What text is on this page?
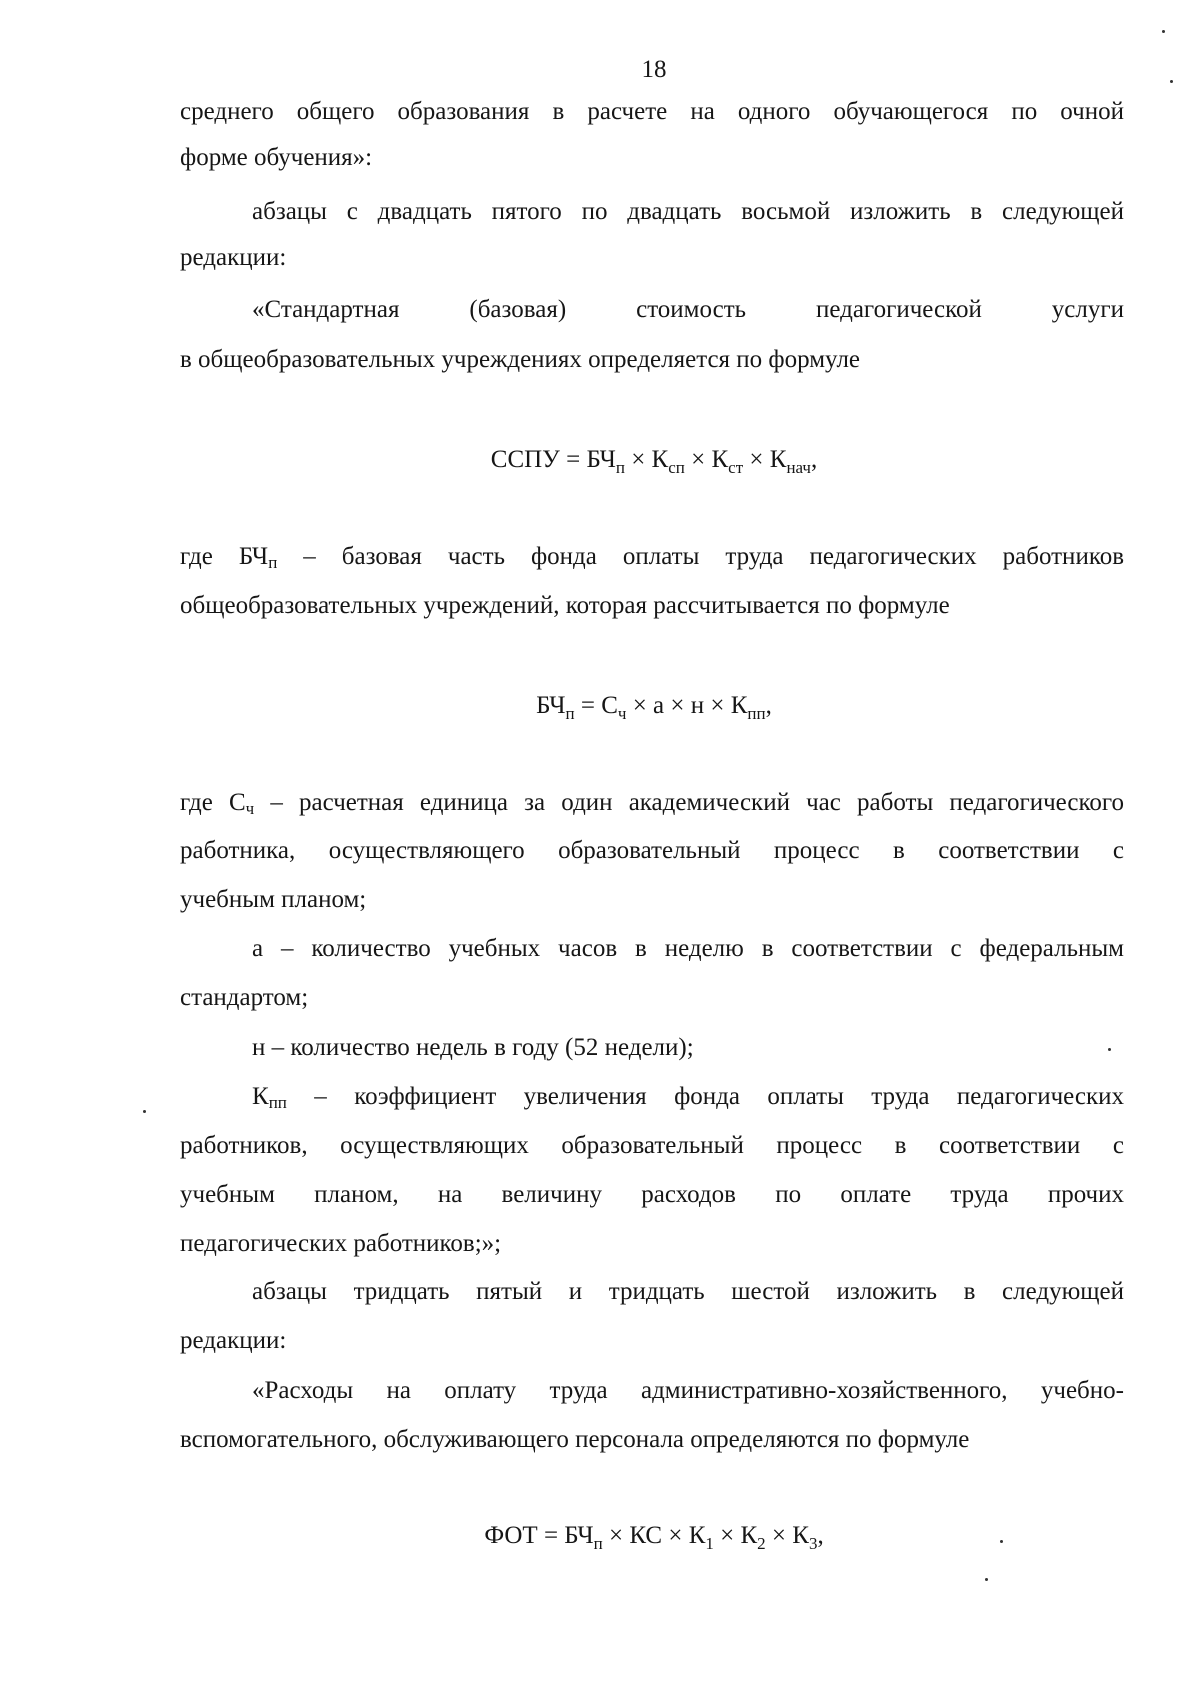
18
среднего общего образования в расчете на одного обучающегося по очной
форме обучения»:
абзацы с двадцать пятого по двадцать восьмой изложить в следующей
редакции:
«Стандартная (базовая) стоимость педагогической услуги
в общеобразовательных учреждениях определяется по формуле
ССПУ = $БЧ_п \times К_{сп} \times К_{ст} \times К_{нач}$,
где $БЧ_п$ – базовая часть фонда оплаты труда педагогических работников
общеобразовательных учреждений, которая рассчитывается по формуле
$БЧ_п = С_ч \times а \times н \times К_{пп}$,
где $С_ч$ – расчетная единица за один академический час работы педагогического
работника, осуществляющего образовательный процесс в соответствии с
учебным планом;
а – количество учебных часов в неделю в соответствии с федеральным
стандартом;
н – количество недель в году (52 недели);
$К_{пп}$ – коэффициент увеличения фонда оплаты труда педагогических
работников, осуществляющих образовательный процесс в соответствии с
учебным планом, на величину расходов по оплате труда прочих
педагогических работников;»;
абзацы тридцать пятый и тридцать шестой изложить в следующей
редакции:
«Расходы на оплату труда административно-хозяйственного, учебно-
вспомогательного, обслуживающего персонала определяются по формуле
ФОТ = $БЧ_п$ × КС × $К_1 \times К_2 \times К_3$,
